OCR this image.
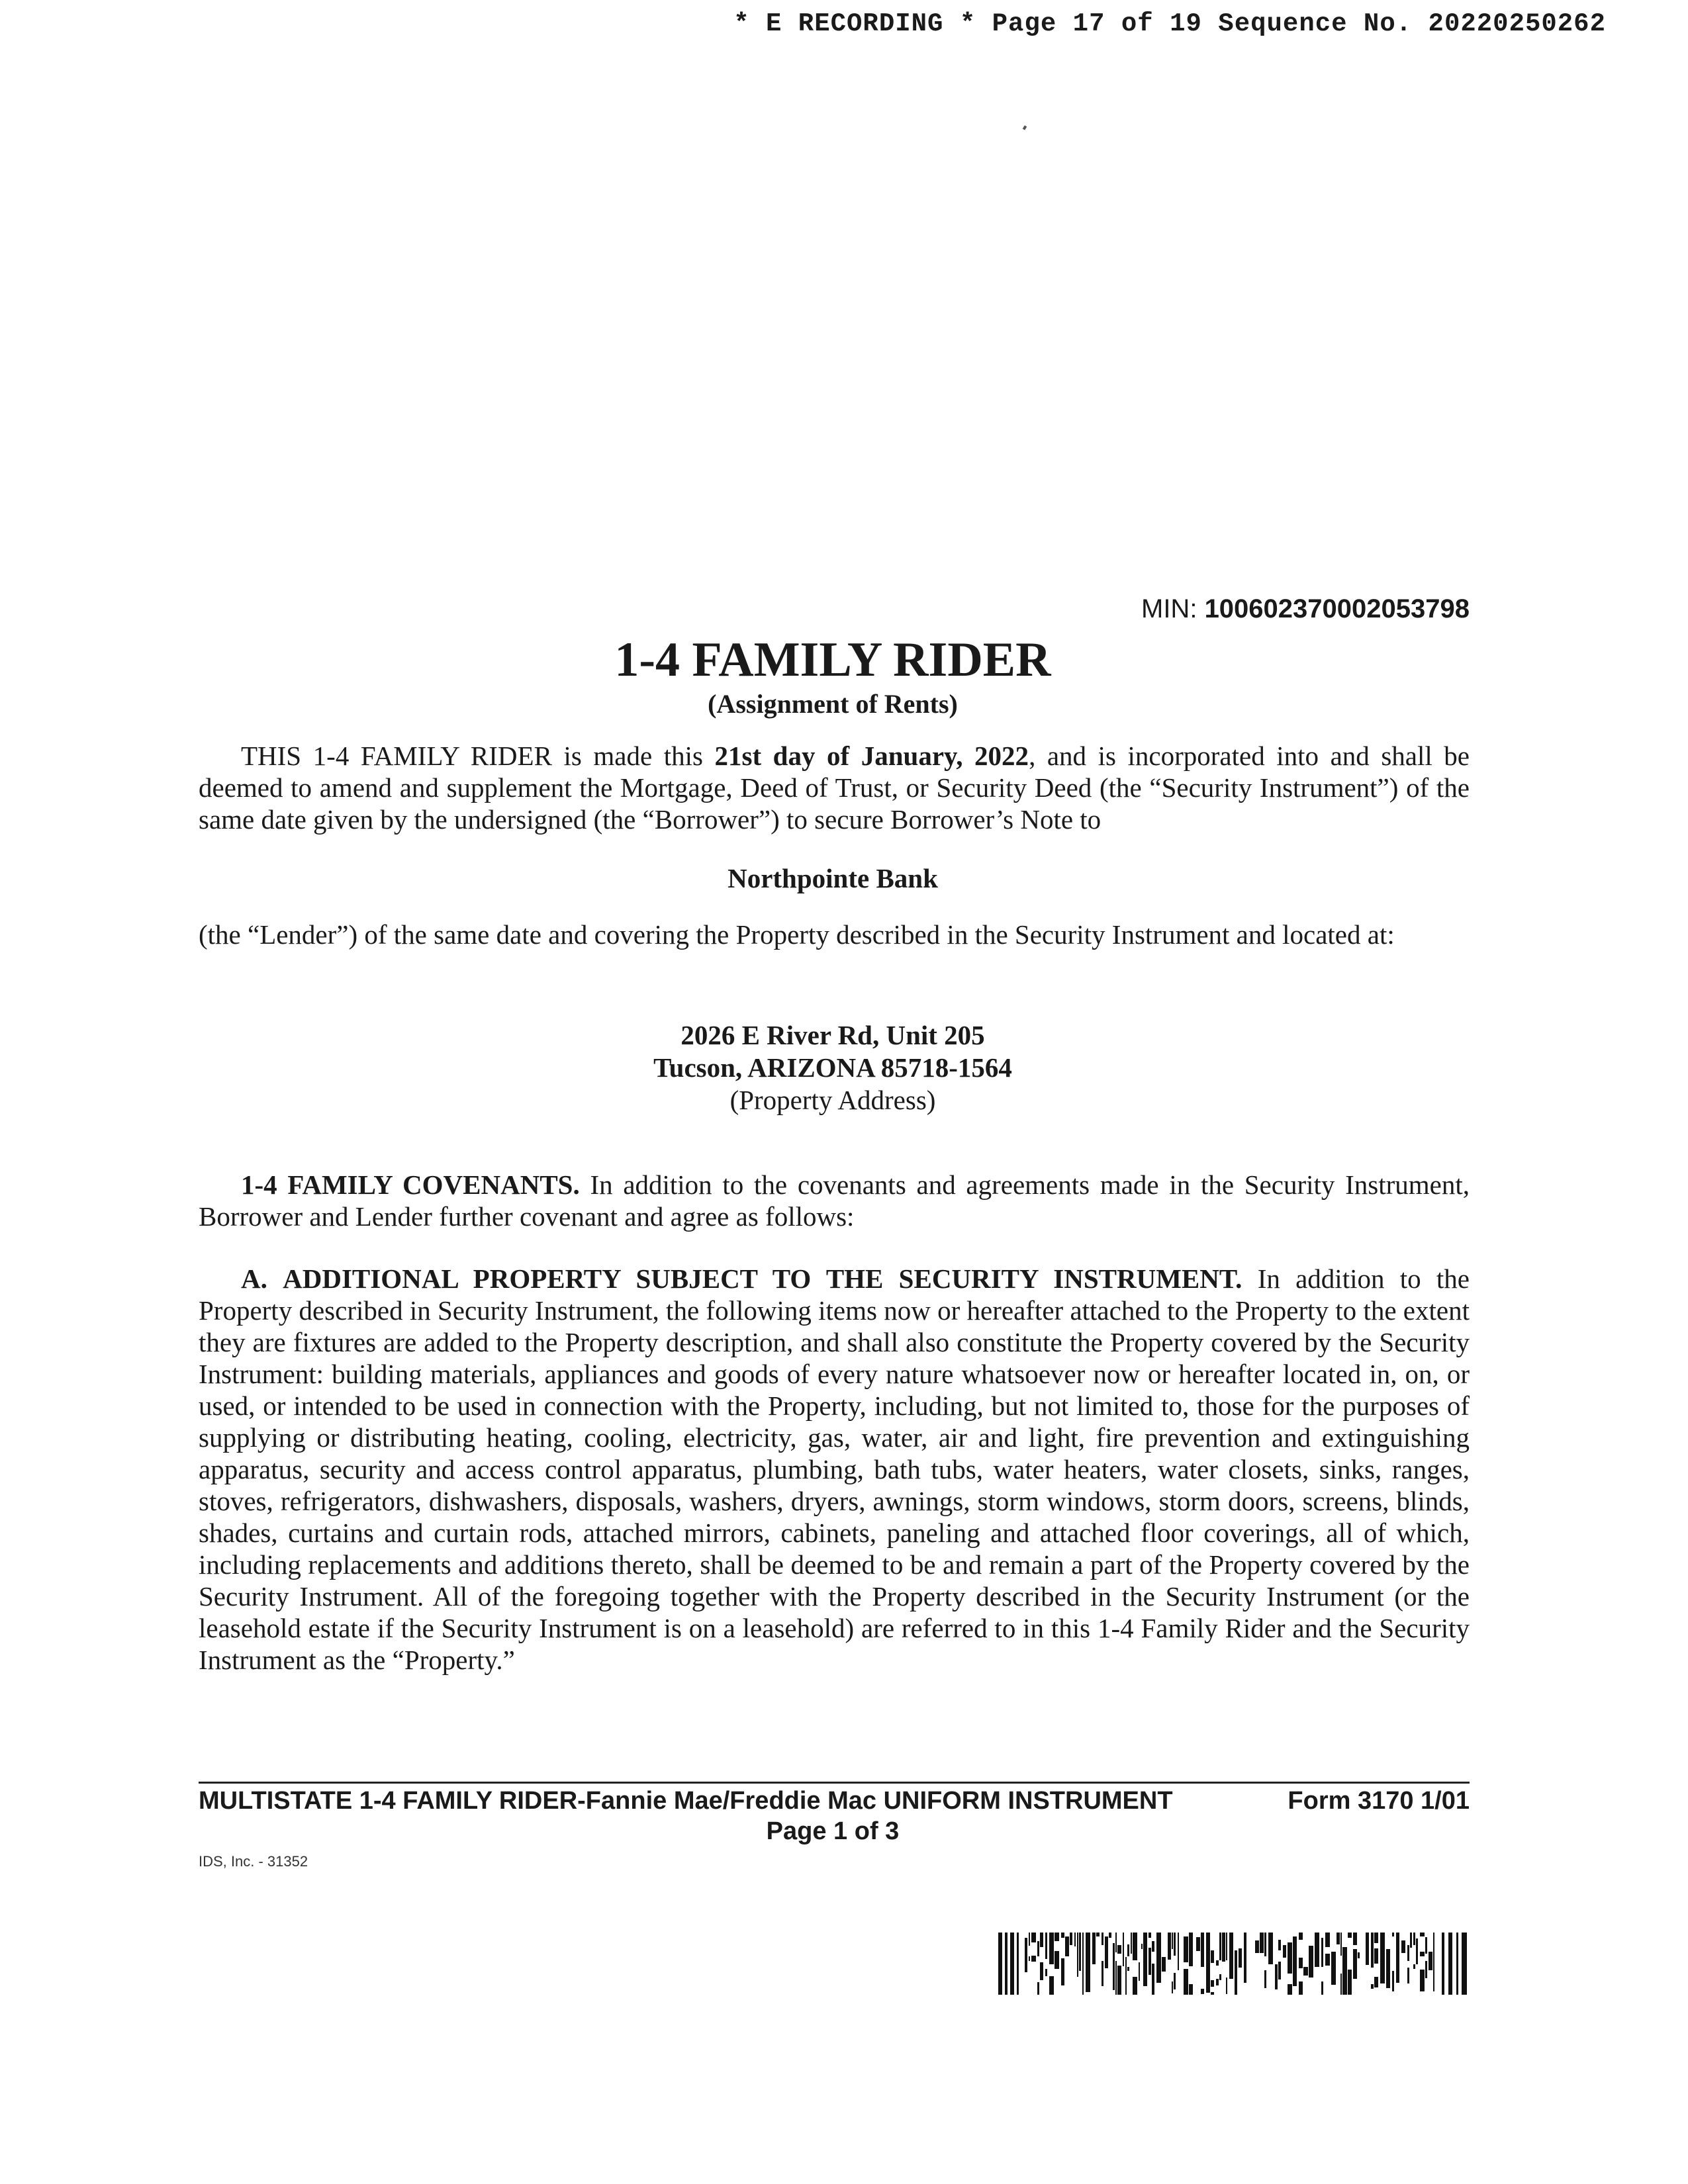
* E RECORDING * Page 17 of 19 Sequence No. 20220250262
MIN: 100602370002053798
1-4 FAMILY RIDER
(Assignment of Rents)

THIS 1-4 FAMILY RIDER is made this 21st day of January, 2022, and is incorporated into and shall be deemed to amend and supplement the Mortgage, Deed of Trust, or Security Deed (the “Security Instrument”) of the same date given by the undersigned (the “Borrower”) to secure Borrower’s Note to

Northpointe Bank

(the “Lender”) of the same date and covering the Property described in the Security Instrument and located at:

2026 E River Rd, Unit 205
Tucson, ARIZONA 85718-1564
(Property Address)

1-4 FAMILY COVENANTS. In addition to the covenants and agreements made in the Security Instrument, Borrower and Lender further covenant and agree as follows:

A. ADDITIONAL PROPERTY SUBJECT TO THE SECURITY INSTRUMENT. In addition to the Property described in Security Instrument, the following items now or hereafter attached to the Property to the extent they are fixtures are added to the Property description, and shall also constitute the Property covered by the Security Instrument: building materials, appliances and goods of every nature whatsoever now or hereafter located in, on, or used, or intended to be used in connection with the Property, including, but not limited to, those for the purposes of supplying or distributing heating, cooling, electricity, gas, water, air and light, fire prevention and extinguishing apparatus, security and access control apparatus, plumbing, bath tubs, water heaters, water closets, sinks, ranges, stoves, refrigerators, dishwashers, disposals, washers, dryers, awnings, storm windows, storm doors, screens, blinds, shades, curtains and curtain rods, attached mirrors, cabinets, paneling and attached floor coverings, all of which, including replacements and additions thereto, shall be deemed to be and remain a part of the Property covered by the Security Instrument. All of the foregoing together with the Property described in the Security Instrument (or the leasehold estate if the Security Instrument is on a leasehold) are referred to in this 1-4 Family Rider and the Security Instrument as the “Property.”

MULTISTATE 1-4 FAMILY RIDER-Fannie Mae/Freddie Mac UNIFORM INSTRUMENT	Form 3170 1/01
Page 1 of 3
IDS, Inc. - 31352
